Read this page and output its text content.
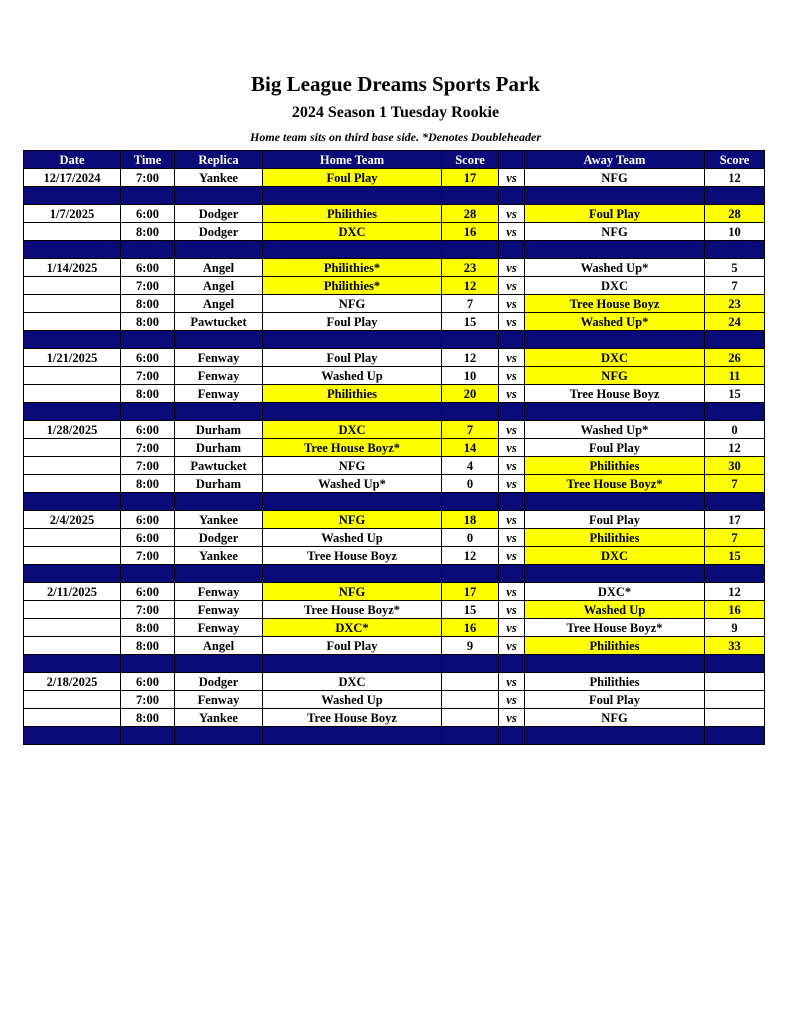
Big League Dreams Sports Park
2024 Season 1 Tuesday Rookie
Home team sits on third base side. *Denotes Doubleheader
Date	Time	Replica	Home Team	Score		Away Team	Score
12/17/2024	7:00	Yankee	Foul Play	17	vs	NFG	12

1/7/2025	6:00	Dodger	Philithies	28	vs	Foul Play	28
	8:00	Dodger	DXC	16	vs	NFG	10

1/14/2025	6:00	Angel	Philithies*	23	vs	Washed Up*	5
	7:00	Angel	Philithies*	12	vs	DXC	7
	8:00	Angel	NFG	7	vs	Tree House Boyz	23
	8:00	Pawtucket	Foul Play	15	vs	Washed Up*	24

1/21/2025	6:00	Fenway	Foul Play	12	vs	DXC	26
	7:00	Fenway	Washed Up	10	vs	NFG	11
	8:00	Fenway	Philithies	20	vs	Tree House Boyz	15

1/28/2025	6:00	Durham	DXC	7	vs	Washed Up*	0
	7:00	Durham	Tree House Boyz*	14	vs	Foul Play	12
	7:00	Pawtucket	NFG	4	vs	Philithies	30
	8:00	Durham	Washed Up*	0	vs	Tree House Boyz*	7

2/4/2025	6:00	Yankee	NFG	18	vs	Foul Play	17
	6:00	Dodger	Washed Up	0	vs	Philithies	7
	7:00	Yankee	Tree House Boyz	12	vs	DXC	15

2/11/2025	6:00	Fenway	NFG	17	vs	DXC*	12
	7:00	Fenway	Tree House Boyz*	15	vs	Washed Up	16
	8:00	Fenway	DXC*	16	vs	Tree House Boyz*	9
	8:00	Angel	Foul Play	9	vs	Philithies	33

2/18/2025	6:00	Dodger	DXC		vs	Philithies	
	7:00	Fenway	Washed Up		vs	Foul Play	
	8:00	Yankee	Tree House Boyz		vs	NFG	
